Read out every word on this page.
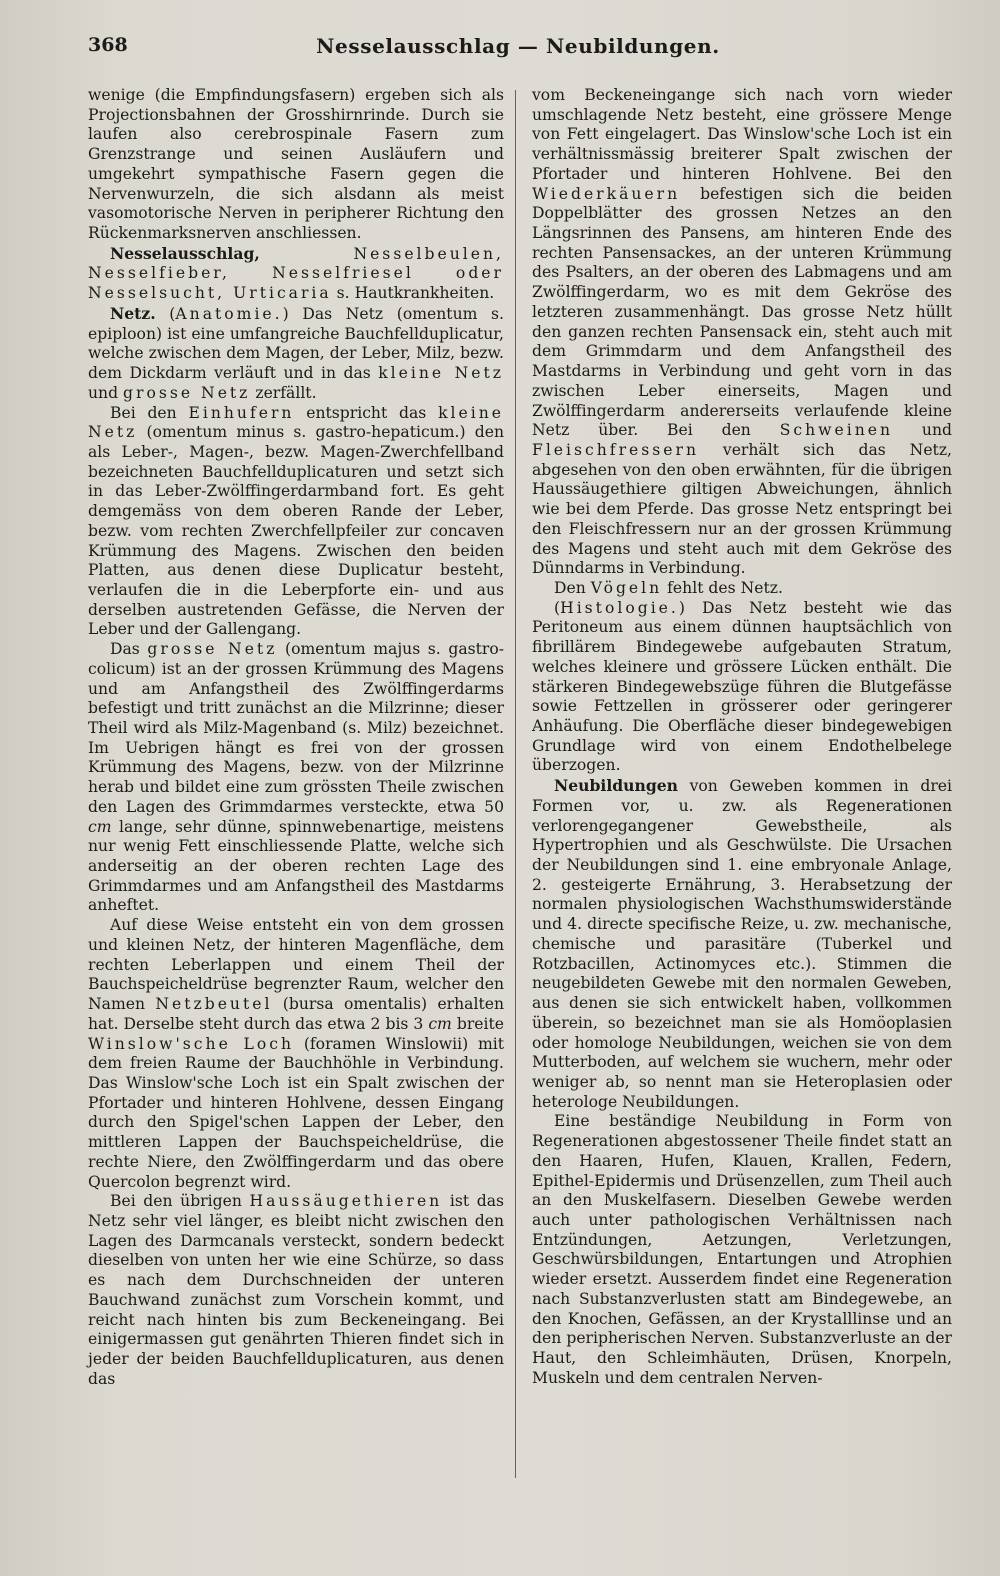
368	Nesselausschlag — Neubildungen.

wenige (die Empfindungsfasern) ergeben sich als Projectionsbahnen der Grosshirnrinde. Durch sie laufen also cerebrospinale Fasern zum Grenzstrange und seinen Ausläufern und umgekehrt sympathische Fasern gegen die Nervenwurzeln, die sich alsdann als meist vasomotorische Nerven in peripherer Richtung den Rückenmarksnerven anschliessen.

Nesselausschlag,	Nesselbeulen, Nesselfieber, Nesselfriesel oder Nesselsucht, Urticaria s. Hautkrankheiten.

Netz. (Anatomie.) Das Netz (omentum s. epiploon) ist eine umfangreiche Bauchfellduplicatur, welche zwischen dem Magen, der Leber, Milz, bezw. dem Dickdarm verläuft und in das kleine Netz und grosse Netz zerfällt.

Bei den Einhufern entspricht das kleine Netz (omentum minus s. gastro-hepaticum.) den als Leber-, Magen-, bezw. Magen-Zwerchfellband bezeichneten Bauchfellduplicaturen und setzt sich in das Leber-Zwölffingerdarmband fort. Es geht demgemäss von dem oberen Rande der Leber, bezw. vom rechten Zwerchfellpfeiler zur concaven Krümmung des Magens. Zwischen den beiden Platten, aus denen diese Duplicatur besteht, verlaufen die in die Leberpforte ein- und aus derselben austretenden Gefässe, die Nerven der Leber und der Gallengang.

Das grosse Netz (omentum majus s. gastro-colicum) ist an der grossen Krümmung des Magens und am Anfangstheil des Zwölffingerdarms befestigt und tritt zunächst an die Milzrinne; dieser Theil wird als Milz-Magenband (s. Milz) bezeichnet. Im Uebrigen hängt es frei von der grossen Krümmung des Magens, bezw. von der Milzrinne herab und bildet eine zum grössten Theile zwischen den Lagen des Grimmdarmes versteckte, etwa 50 cm lange, sehr dünne, spinnwebenartige, meistens nur wenig Fett einschliessende Platte, welche sich anderseitig an der oberen rechten Lage des Grimmdarmes und am Anfangstheil des Mastdarms anheftet.

Auf diese Weise entsteht ein von dem grossen und kleinen Netz, der hinteren Magenfläche, dem rechten Leberlappen und einem Theil der Bauchspeicheldrüse begrenzter Raum, welcher den Namen Netzbeutel (bursa omentalis) erhalten hat. Derselbe steht durch das etwa 2 bis 3 cm breite Winslow'sche Loch (foramen Winslowii) mit dem freien Raume der Bauchhöhle in Verbindung. Das Winslow'sche Loch ist ein Spalt zwischen der Pfortader und hinteren Hohlvene, dessen Eingang durch den Spigel'schen Lappen der Leber, den mittleren Lappen der Bauchspeicheldrüse, die rechte Niere, den Zwölffingerdarm und das obere Quercolon begrenzt wird.

Bei den übrigen Haussäugethieren ist das Netz sehr viel länger, es bleibt nicht zwischen den Lagen des Darmcanals versteckt, sondern bedeckt dieselben von unten her wie eine Schürze, so dass es nach dem Durchschneiden der unteren Bauchwand zunächst zum Vorschein kommt, und reicht nach hinten bis zum Beckeneingang. Bei einigermassen gut genährten Thieren findet sich in jeder der beiden Bauchfellduplicaturen, aus denen das

vom Beckeneingange sich nach vorn wieder umschlagende Netz besteht, eine grössere Menge von Fett eingelagert. Das Winslow'sche Loch ist ein verhältnissmässig breiterer Spalt zwischen der Pfortader und hinteren Hohlvene. Bei den Wiederkäuern befestigen sich die beiden Doppelblätter des grossen Netzes an den Längsrinnen des Pansens, am hinteren Ende des rechten Pansensackes, an der unteren Krümmung des Psalters, an der oberen des Labmagens und am Zwölffingerdarm, wo es mit dem Gekröse des letzteren zusammenhängt. Das grosse Netz hüllt den ganzen rechten Pansensack ein, steht auch mit dem Grimmdarm und dem Anfangstheil des Mastdarms in Verbindung und geht vorn in das zwischen Leber einerseits, Magen und Zwölffingerdarm andererseits verlaufende kleine Netz über. Bei den Schweinen und Fleischfressern verhält sich das Netz, abgesehen von den oben erwähnten, für die übrigen Haussäugethiere giltigen Abweichungen, ähnlich wie bei dem Pferde. Das grosse Netz entspringt bei den Fleischfressern nur an der grossen Krümmung des Magens und steht auch mit dem Gekröse des Dünndarms in Verbindung.

Den Vögeln fehlt des Netz.

(Histologie.) Das Netz besteht wie das Peritoneum aus einem dünnen hauptsächlich von fibrillärem Bindegewebe aufgebauten Stratum, welches kleinere und grössere Lücken enthält. Die stärkeren Bindegewebszüge führen die Blutgefässe sowie Fettzellen in grösserer oder geringerer Anhäufung. Die Oberfläche dieser bindegewebigen Grundlage wird von einem Endothelbelege überzogen.

Neubildungen von Geweben kommen in drei Formen vor, u. zw. als Regenerationen verlorengegangener Gewebstheile, als Hypertrophien und als Geschwülste. Die Ursachen der Neubildungen sind 1. eine embryonale Anlage, 2. gesteigerte Ernährung, 3. Herabsetzung der normalen physiologischen Wachsthumswiderstände und 4. directe specifische Reize, u. zw. mechanische, chemische und parasitäre (Tuberkel und Rotzbacillen, Actinomyces etc.). Stimmen die neugebildeten Gewebe mit den normalen Geweben, aus denen sie sich entwickelt haben, vollkommen überein, so bezeichnet man sie als Homöoplasien oder homologe Neubildungen, weichen sie von dem Mutterboden, auf welchem sie wuchern, mehr oder weniger ab, so nennt man sie Heteroplasien oder heterologe Neubildungen.

Eine beständige Neubildung in Form von Regenerationen abgestossener Theile findet statt an den Haaren, Hufen, Klauen, Krallen, Federn, Epithel-Epidermis und Drüsenzellen, zum Theil auch an den Muskelfasern. Dieselben Gewebe werden auch unter pathologischen Verhältnissen nach Entzündungen, Aetzungen, Verletzungen, Geschwürsbildungen, Entartungen und Atrophien wieder ersetzt. Ausserdem findet eine Regeneration nach Substanzverlusten statt am Bindegewebe, an den Knochen, Gefässen, an der Krystalllinse und an den peripherischen Nerven. Substanzverluste an der Haut, den Schleimhäuten, Drüsen, Knorpeln, Muskeln und dem centralen Nerven-
